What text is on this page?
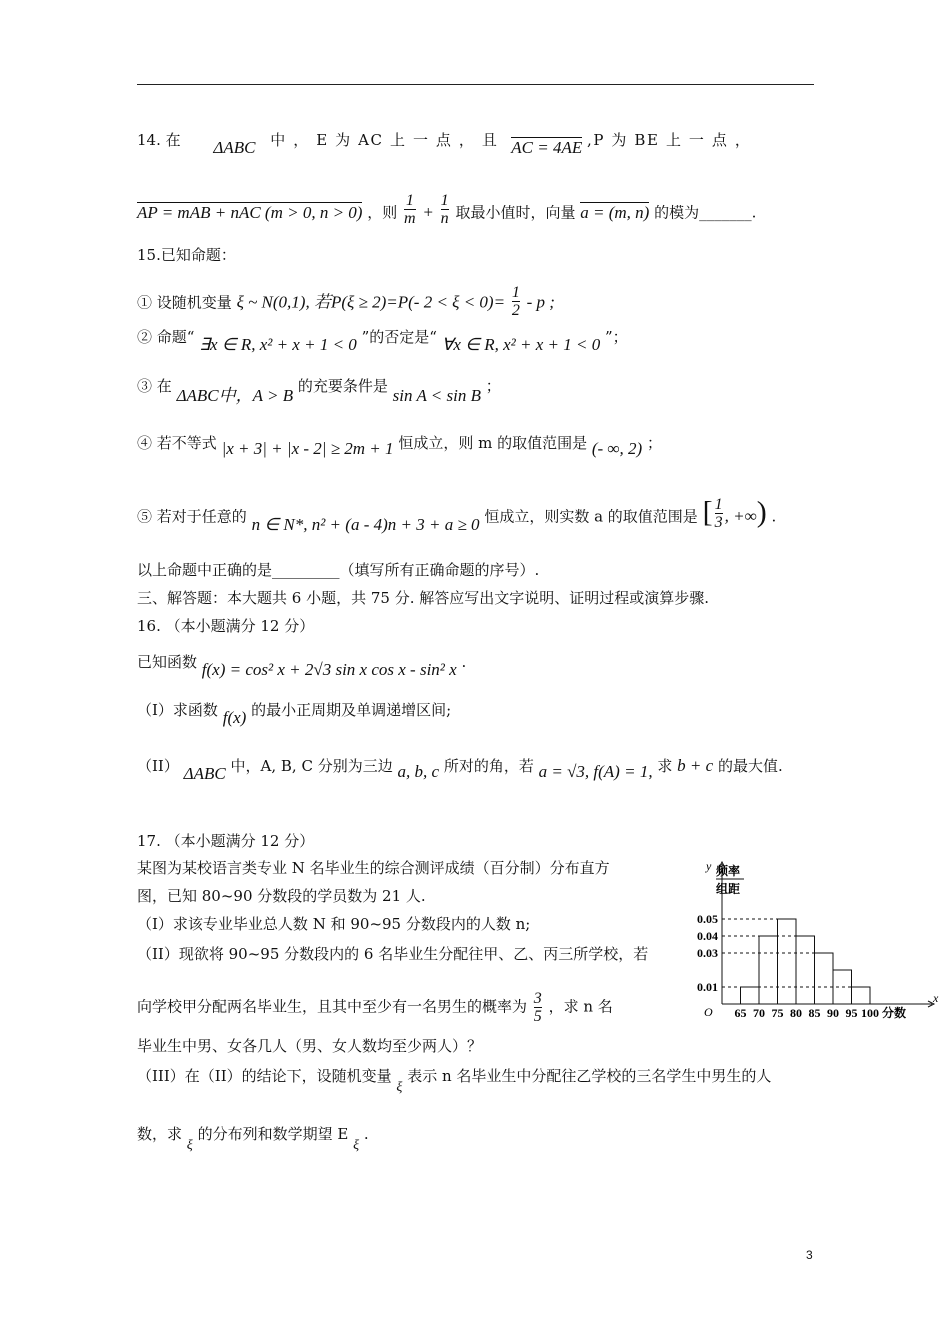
14. 在 ΔABC 中 ， E 为 AC 上 一 点 ， 且 AC = 4AE ,P 为 BE 上 一 点 ，
AP = mAB + nAC (m > 0, n > 0) ，则 $\frac{1}{m} + \frac{1}{n}$ 取最小值时，向量 a = (m, n) 的模为_______.
15.已知命题：
① 设随机变量 ξ ~ N(0,1), 若P(ξ ≥ 2)=P(- $2 < \xi < 0)= \frac{1}{2} - p$ ;
② 命题“ ∃x ∈ R, x² + x + 1 < 0 ”的否定是“ ∀x ∈ R, x² + x + 1 < 0 ”；
③ 在 ΔABC中，A > B 的充要条件是 sin A < sin B ；
④ 若不等式 |x + 3| + |x - 2| ≥ 2m + 1 恒成立，则 m 的取值范围是 (- ∞, 2) ；
⑤ 若对于任意的 n ∈ N*, n² + (a - 4)n + 3 + a ≥ 0 恒成立，则实数 a 的取值范围是 [ $\frac{1}{3}$ , +∞) .
以上命题中正确的是_________（填写所有正确命题的序号）.
三、解答题：本大题共 6 小题，共 75 分. 解答应写出文字说明、证明过程或演算步骤.
16. （本小题满分 12 分）
已知函数 f(x) = cos² x + 2√3 sin x cos x - sin² x .
（I）求函数 f(x) 的最小正周期及单调递增区间;
（II） ΔABC 中，A, B, C 分别为三边 a, b, c 所对的角，若 a = √3, f(A) = 1, 求 b + c 的最大值.
17. （本小题满分 12 分）
某图为某校语言类专业 N 名毕业生的综合测评成绩（百分制）分布直方
图，已知 80~90 分数段的学员数为 21 人.
（I）求该专业毕业总人数 N 和 90~95 分数段内的人数 n;
（II）现欲将 90~95 分数段内的 6 名毕业生分配往甲、乙、丙三所学校，若
向学校甲分配两名毕业生，且其中至少有一名男生的概率为 $\frac{3}{5}$ ，求 n 名
毕业生中男、女各几人（男、女人数均至少两人）？
（III）在（II）的结论下，设随机变量 ξ 表示 n 名毕业生中分配往乙学校的三名学生中男生的人
数，求 ξ 的分布列和数学期望 E ξ .
y
x
O
频率
组距
0.05
0.04
0.03
0.01
65 70 75 80 85 90 95 100 分数
3
